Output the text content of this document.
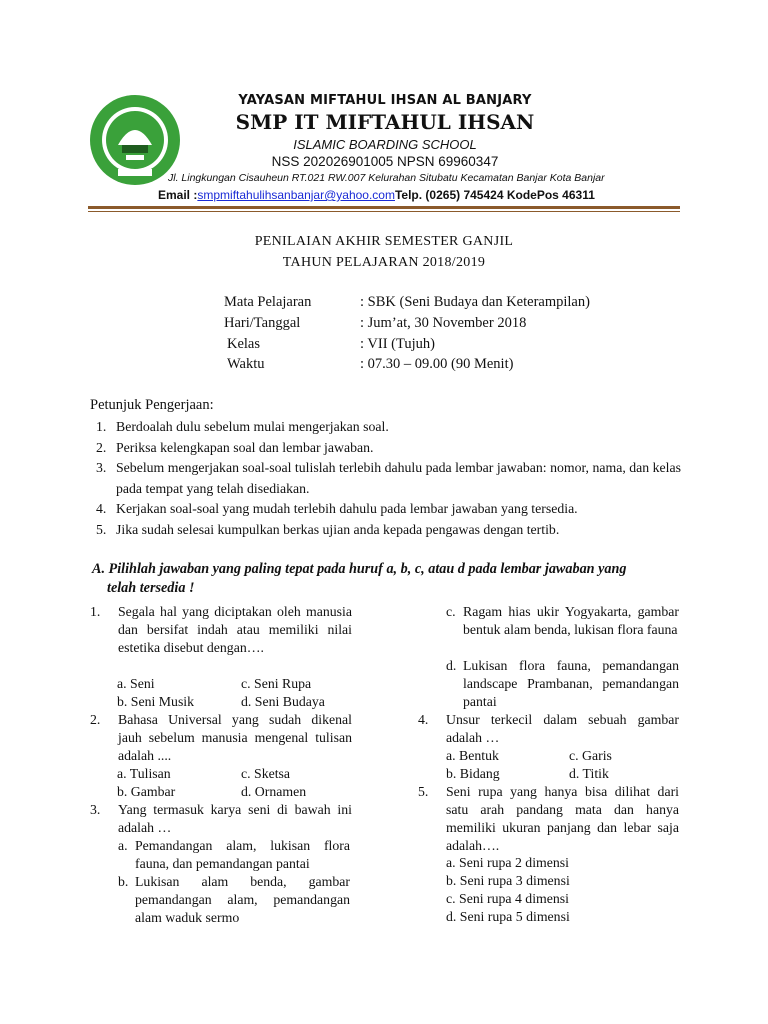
YAYASAN MIFTAHUL IHSAN AL BANJARY
SMP IT MIFTAHUL IHSAN
ISLAMIC BOARDING SCHOOL
NSS 202026901005 NPSN 69960347
Jl. Lingkungan Cisauheun RT.021 RW.007 Kelurahan Situbatu Kecamatan Banjar Kota Banjar
Email :smpmiftahulihsanbanjar@yahoo.comTelp. (0265) 745424 KodePos 46311
PENILAIAN AKHIR SEMESTER GANJIL
TAHUN PELAJARAN 2018/2019
Mata Pelajaran	: SBK (Seni Budaya dan Keterampilan)
Hari/Tanggal	: Jum’at, 30 November 2018
Kelas	: VII (Tujuh)
Waktu	: 07.30 – 09.00 (90 Menit)
Petunjuk Pengerjaan:
1. Berdoalah dulu sebelum mulai mengerjakan soal.
2. Periksa kelengkapan soal dan lembar jawaban.
3. Sebelum mengerjakan soal-soal tulislah terlebih dahulu pada lembar jawaban: nomor, nama, dan kelas pada tempat yang telah disediakan.
4. Kerjakan soal-soal yang mudah terlebih dahulu pada lembar jawaban yang tersedia.
5. Jika sudah selesai kumpulkan berkas ujian anda kepada pengawas dengan tertib.
A. Pilihlah jawaban yang paling tepat pada huruf a, b, c, atau d pada lembar jawaban yang
telah tersedia !
1.	Segala hal yang diciptakan oleh manusia dan bersifat indah atau memiliki nilai estetika disebut dengan….
a. Seni	c. Seni Rupa
b. Seni Musik	d. Seni Budaya
2.	Bahasa Universal yang sudah dikenal jauh sebelum manusia mengenal tulisan adalah ....
a. Tulisan	c. Sketsa
b. Gambar	d. Ornamen
3.	Yang termasuk karya seni di bawah ini adalah …
a. Pemandangan alam, lukisan flora fauna, dan pemandangan pantai
b. Lukisan alam benda, gambar pemandangan alam, pemandangan alam waduk sermo
c. Ragam hias ukir Yogyakarta, gambar bentuk alam benda, lukisan flora fauna
d. Lukisan flora fauna, pemandangan landscape Prambanan, pemandangan pantai
4.	Unsur terkecil dalam sebuah gambar adalah …
a. Bentuk	c. Garis
b. Bidang	d. Titik
5.	Seni rupa yang hanya bisa dilihat dari satu arah pandang mata dan hanya memiliki ukuran panjang dan lebar saja adalah….
a. Seni rupa 2 dimensi
b. Seni rupa 3 dimensi
c. Seni rupa 4 dimensi
d. Seni rupa 5 dimensi
